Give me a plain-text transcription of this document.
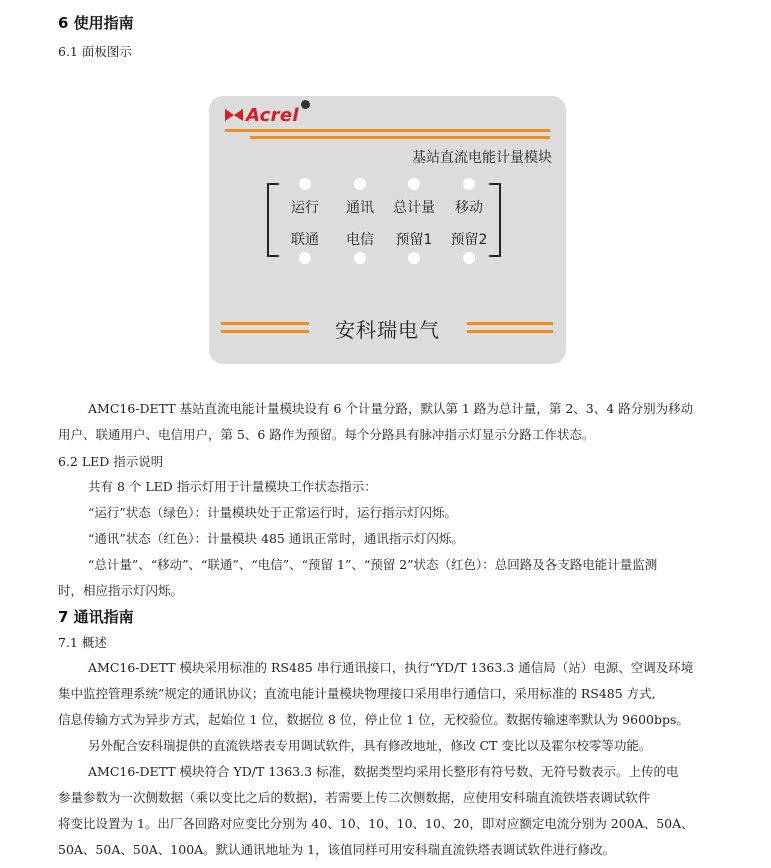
6 使用指南
6.1 面板图示
Acrel
基站直流电能计量模块
运行 通讯 总计量 移动
联通 电信 预留1 预留2
安科瑞电气
AMC16-DETT 基站直流电能计量模块设有 6 个计量分路，默认第 1 路为总计量，第 2、3、4 路分别为移动
用户、联通用户、电信用户，第 5、6 路作为预留。每个分路具有脉冲指示灯显示分路工作状态。
6.2 LED 指示说明
共有 8 个 LED 指示灯用于计量模块工作状态指示：
“运行”状态（绿色）：计量模块处于正常运行时，运行指示灯闪烁。
“通讯”状态（红色）：计量模块 485 通讯正常时，通讯指示灯闪烁。
“总计量”、“移动”、“联通”、“电信”、“预留 1”、“预留 2”状态（红色）：总回路及各支路电能计量监测
时，相应指示灯闪烁。
7 通讯指南
7.1 概述
AMC16-DETT 模块采用标准的 RS485 串行通讯接口，执行“YD/T 1363.3 通信局（站）电源、空调及环境
集中监控管理系统”规定的通讯协议；直流电能计量模块物理接口采用串行通信口，采用标准的 RS485 方式,
信息传输方式为异步方式，起始位 1 位，数据位 8 位，停止位 1 位，无校验位。数据传输速率默认为 9600bps。
另外配合安科瑞提供的直流铁塔表专用调试软件，具有修改地址，修改 CT 变比以及霍尔校零等功能。
AMC16-DETT 模块符合 YD/T 1363.3 标准，数据类型均采用长整形有符号数、无符号数表示。上传的电
参量参数为一次侧数据（乘以变比之后的数据)，若需要上传二次侧数据，应使用安科瑞直流铁塔表调试软件
将变比设置为 1。出厂各回路对应变比分别为 40、10、10、10、10、20，即对应额定电流分别为 200A、50A、
50A、50A、50A、100A。默认通讯地址为 1，该值同样可用安科瑞直流铁塔表调试软件进行修改。
